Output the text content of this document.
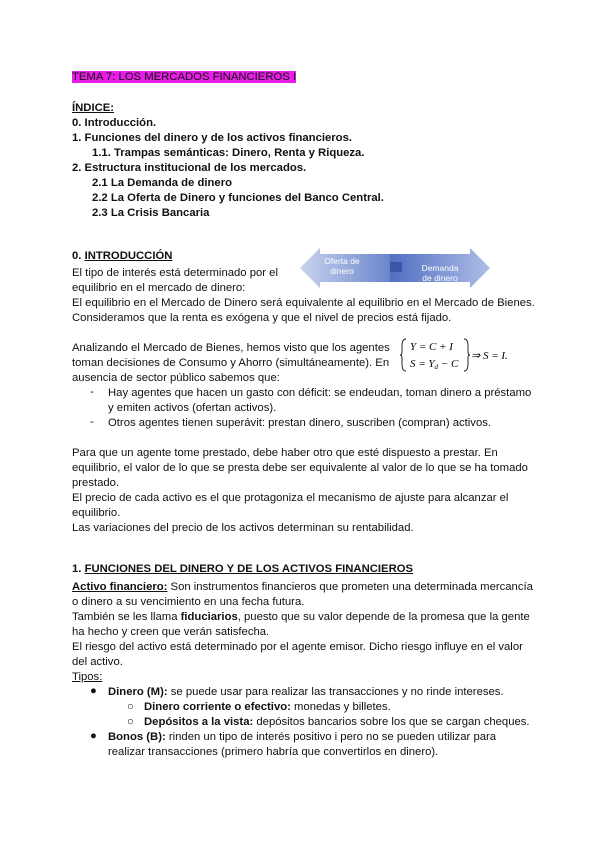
TEMA 7: LOS MERCADOS FINANCIEROS I
ÍNDICE:
0. Introducción.
1. Funciones del dinero y de los activos financieros.
1.1. Trampas semánticas: Dinero, Renta y Riqueza.
2. Estructura institucional de los mercados.
2.1 La Demanda de dinero
2.2 La Oferta de Dinero y funciones del Banco Central.
2.3 La Crisis Bancaria
0. INTRODUCCIÓN
El tipo de interés está determinado por el
equilibrio en el mercado de dinero:
El equilibrio en el Mercado de Dinero será equivalente al equilibrio en el Mercado de Bienes.
Consideramos que la renta es exógena y que el nivel de precios está fijado.
Oferta de
dinero	Demanda
de dinero
Analizando el Mercado de Bienes, hemos visto que los agentes
toman decisiones de Consumo y Ahorro (simultáneamente). En
ausencia de sector público sabemos que:
Y = C + I
S = Yd − C
⇒ S = I.
- Hay agentes que hacen un gasto con déficit: se endeudan, toman dinero a préstamo
y emiten activos (ofertan activos).
- Otros agentes tienen superávit: prestan dinero, suscriben (compran) activos.
Para que un agente tome prestado, debe haber otro que esté dispuesto a prestar. En
equilibrio, el valor de lo que se presta debe ser equivalente al valor de lo que se ha tomado
prestado.
El precio de cada activo es el que protagoniza el mecanismo de ajuste para alcanzar el
equilibrio.
Las variaciones del precio de los activos determinan su rentabilidad.
1. FUNCIONES DEL DINERO Y DE LOS ACTIVOS FINANCIEROS
Activo financiero: Son instrumentos financieros que prometen una determinada mercancía
o dinero a su vencimiento en una fecha futura.
También se les llama fiduciarios, puesto que su valor depende de la promesa que la gente
ha hecho y creen que verán satisfecha.
El riesgo del activo está determinado por el agente emisor. Dicho riesgo influye en el valor
del activo.
Tipos:
● Dinero (M): se puede usar para realizar las transacciones y no rinde intereses.
○ Dinero corriente o efectivo: monedas y billetes.
○ Depósitos a la vista: depósitos bancarios sobre los que se cargan cheques.
● Bonos (B): rinden un tipo de interés positivo i pero no se pueden utilizar para
realizar transacciones (primero habría que convertirlos en dinero).
